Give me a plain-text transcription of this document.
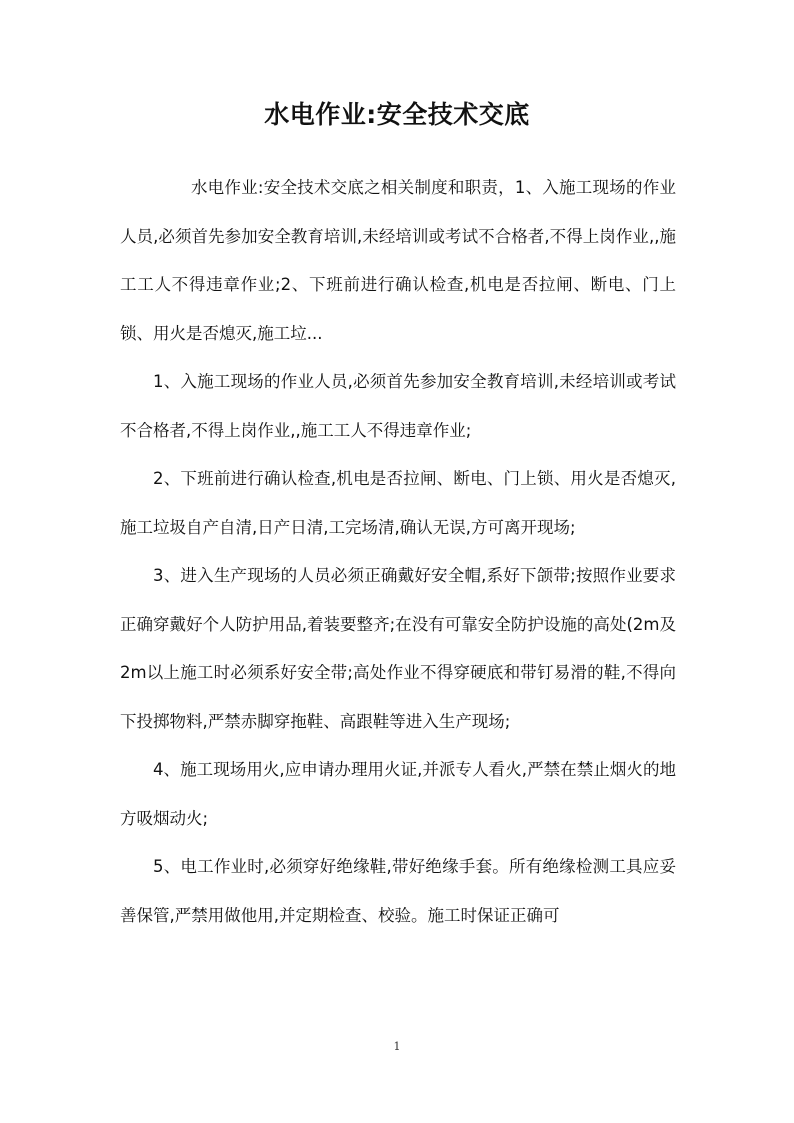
水电作业:安全技术交底

水电作业:安全技术交底之相关制度和职责，1、入施工现场的作业人员,必须首先参加安全教育培训,未经培训或考试不合格者,不得上岗作业,,施工工人不得违章作业;2、下班前进行确认检查,机电是否拉闸、断电、门上锁、用火是否熄灭,施工垃...

1、入施工现场的作业人员,必须首先参加安全教育培训,未经培训或考试不合格者,不得上岗作业,,施工工人不得违章作业;

2、下班前进行确认检查,机电是否拉闸、断电、门上锁、用火是否熄灭,施工垃圾自产自清,日产日清,工完场清,确认无误,方可离开现场;

3、进入生产现场的人员必须正确戴好安全帽,系好下颌带;按照作业要求正确穿戴好个人防护用品,着装要整齐;在没有可靠安全防护设施的高处(2m及2m以上施工时必须系好安全带;高处作业不得穿硬底和带钉易滑的鞋,不得向下投掷物料,严禁赤脚穿拖鞋、高跟鞋等进入生产现场;

4、施工现场用火,应申请办理用火证,并派专人看火,严禁在禁止烟火的地方吸烟动火;

5、电工作业时,必须穿好绝缘鞋,带好绝缘手套。所有绝缘检测工具应妥善保管,严禁用做他用,并定期检查、校验。施工时保证正确可

1
